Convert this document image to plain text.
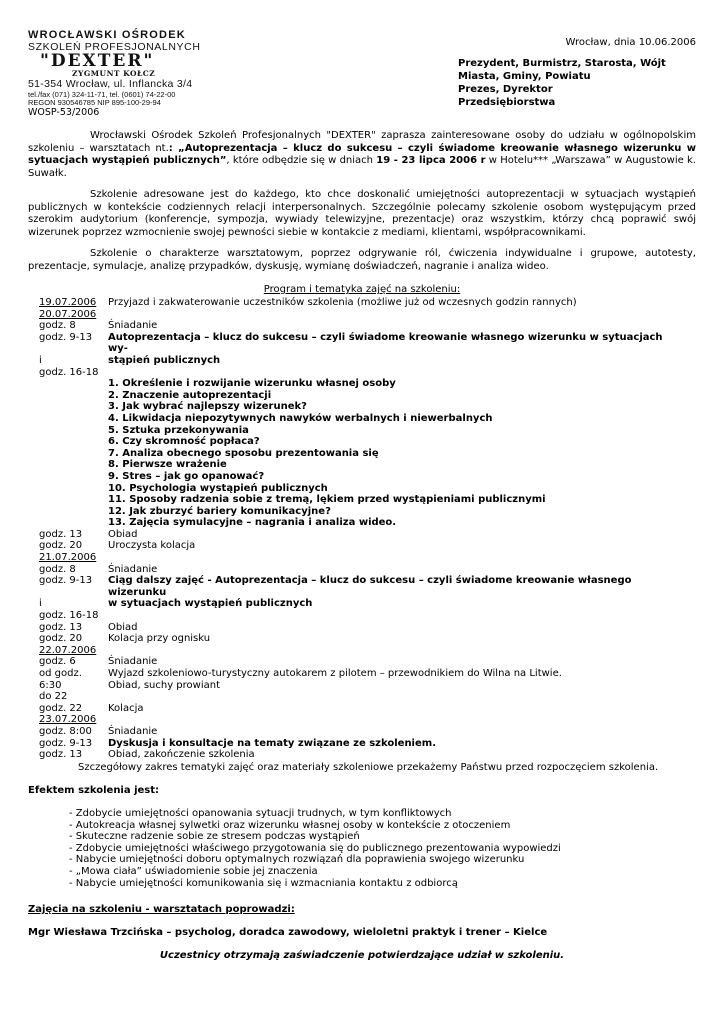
WROCŁAWSKI OŚRODEK
SZKOLEŃ PROFESJONALNYCH
"DEXTER"
ZYGMUNT KOŁCZ
51-354 Wrocław, ul. Inflancka 3/4
tel./fax (071) 324-11-71, tel. (0601) 74-22-00
REGON 930546785 NIP 895-100-29-94
WOSP-53/2006
Wrocław, dnia 10.06.2006
Prezydent, Burmistrz, Starosta, Wójt
Miasta, Gminy, Powiatu
Prezes, Dyrektor
Przedsiębiorstwa

Wrocławski Ośrodek Szkoleń Profesjonalnych "DEXTER" zaprasza zainteresowane osoby do udziału w ogólnopolskim szkoleniu – warsztatach nt.: „Autoprezentacja – klucz do sukcesu – czyli świadome kreowanie własnego wizerunku w sytuacjach wystąpień publicznych”, które odbędzie się w dniach 19 - 23 lipca 2006 r w Hotelu*** „Warszawa” w Augustowie k. Suwałk.

Szkolenie adresowane jest do każdego, kto chce doskonalić umiejętności autoprezentacji w sytuacjach wystąpień publicznych w kontekście codziennych relacji interpersonalnych. Szczególnie polecamy szkolenie osobom występującym przed szerokim audytorium (konferencje, sympozja, wywiady telewizyjne, prezentacje) oraz wszystkim, którzy chcą poprawić swój wizerunek poprzez wzmocnienie swojej pewności siebie w kontakcie z mediami, klientami, współpracownikami.

Szkolenie o charakterze warsztatowym, poprzez odgrywanie ról, ćwiczenia indywidualne i grupowe, autotesty, prezentacje, symulacje, analizę przypadków, dyskusję, wymianę doświadczeń, nagranie i analiza wideo.

Program i tematyka zajęć na szkoleniu:
19.07.2006	Przyjazd i zakwaterowanie uczestników szkolenia (możliwe już od wczesnych godzin rannych)
20.07.2006
godz. 8	Śniadanie
godz. 9-13	Autoprezentacja – klucz do sukcesu – czyli świadome kreowanie własnego wizerunku w sytuacjach wy-
i	stąpień publicznych
godz. 16-18
1. Określenie i rozwijanie wizerunku własnej osoby
2. Znaczenie autoprezentacji
3. Jak wybrać najlepszy wizerunek?
4. Likwidacja niepozytywnych nawyków werbalnych i niewerbalnych
5. Sztuka przekonywania
6. Czy skromność popłaca?
7. Analiza obecnego sposobu prezentowania się
8. Pierwsze wrażenie
9. Stres – jak go opanować?
10. Psychologia wystąpień publicznych
11. Sposoby radzenia sobie z tremą, lękiem przed wystąpieniami publicznymi
12. Jak zburzyć bariery komunikacyjne?
13. Zajęcia symulacyjne – nagrania i analiza wideo.
godz. 13	Obiad
godz. 20	Uroczysta kolacja
21.07.2006
godz. 8	Śniadanie
godz. 9-13	Ciąg dalszy zajęć - Autoprezentacja – klucz do sukcesu – czyli świadome kreowanie własnego wizerunku
i	w sytuacjach wystąpień publicznych
godz. 16-18
godz. 13	Obiad
godz. 20	Kolacja przy ognisku
22.07.2006
godz. 6	Śniadanie
od godz.	Wyjazd szkoleniowo-turystyczny autokarem z pilotem – przewodnikiem do Wilna na Litwie.
6:30	Obiad, suchy prowiant
do 22
godz. 22	Kolacja
23.07.2006
godz. 8:00	Śniadanie
godz. 9-13	Dyskusja i konsultacje na tematy związane ze szkoleniem.
godz. 13	Obiad, zakończenie szkolenia
Szczegółowy zakres tematyki zajęć oraz materiały szkoleniowe przekażemy Państwu przed rozpoczęciem szkolenia.
Efektem szkolenia jest:
- Zdobycie umiejętności opanowania sytuacji trudnych, w tym konfliktowych
- Autokreacja własnej sylwetki oraz wizerunku własnej osoby w kontekście z otoczeniem
- Skuteczne radzenie sobie ze stresem podczas wystąpień
- Zdobycie umiejętności właściwego przygotowania się do publicznego prezentowania wypowiedzi
- Nabycie umiejętności doboru optymalnych rozwiązań dla poprawienia swojego wizerunku
- „Mowa ciała” uświadomienie sobie jej znaczenia
- Nabycie umiejętności komunikowania się i wzmacniania kontaktu z odbiorcą
Zajęcia na szkoleniu - warsztatach poprowadzi:
Mgr Wiesława Trzcińska – psycholog, doradca zawodowy, wieloletni praktyk i trener – Kielce
Uczestnicy otrzymają zaświadczenie potwierdzające udział w szkoleniu.
